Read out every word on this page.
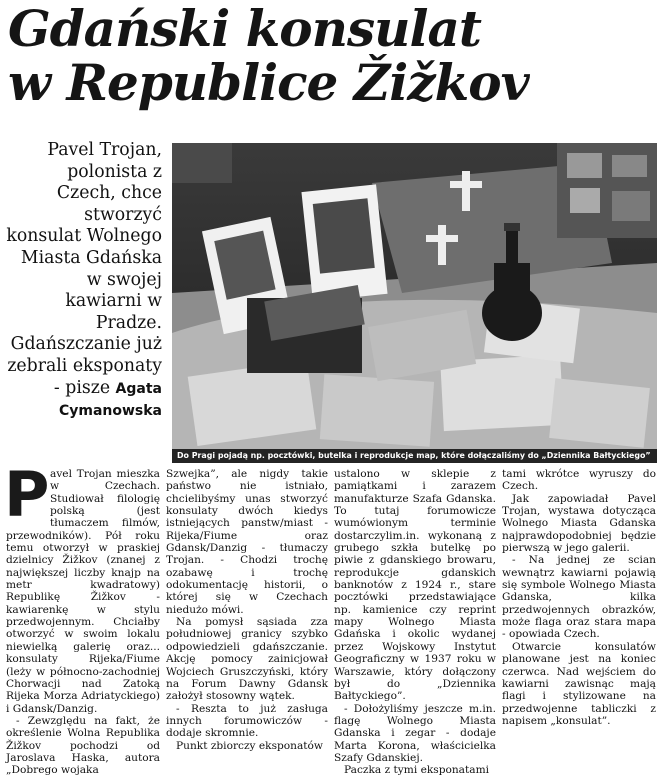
Gdański konsulat
w Republice Žižkov
Pavel Trojan, polonista z Czech, chce stworzyć konsulat Wolnego Miasta Gdańska w swojej kawiarni w Pradze. Gdańszczanie już zebrali eksponaty - pisze Agata Cymanowska
Do Pragi pojadą np. pocztówki, butelka i reprodukcje map, które dołączaliśmy do „Dziennika Bałtyckiego”
P avel Trojan mieszka w Czechach. Studiował filologię polską (jest tłumaczem filmów, przewodników). Pół roku temu otworzył w praskiej dzielnicy Žižkov (znanej z największej liczby knajp na metr kwadratowy) Republikę Žižkov - kawiarenkę w stylu przedwojennym. Chciałby otworzyć w swoim lokalu niewielką galerię oraz... konsulaty Rijeka/Fiume (leży w północno-zachodniej Chorwacji nad Zatoką Rijeka Morza Adriatyckiego) i Gdansk/Danzig.

- Zewzględu na fakt, że określenie Wolna Republika Žižkov pochodzi od Jaroslava Haska, autora „Dobrego wojaka

Szwejka”, ale nigdy takie państwo nie istniało, chcielibyśmy unas stworzyć konsulaty dwóch kiedys istniejących panstw/miast - Rijeka/Fiume oraz Gdansk/Danzig - tłumaczy Trojan. - Chodzi trochę ozabawę i trochę odokumentację historii, o której się w Czechach niedużo mówi.

Na pomysł sąsiada zza południowej granicy szybko odpowiedzieli gdańszczanie. Akcję pomocy zainicjował Wojciech Gruszczyński, który na Forum Dawny Gdansk założył stosowny wątek.

- Reszta to już zasługa innych forumowiczów - dodaje skromnie.

Punkt zbiorczy eksponatów

ustalono w sklepie z pamiątkami i zarazem manufakturze Szafa Gdanska. To tutaj forumowicze wumówionym terminie dostarczylim.in. wykonaną z grubego szkła butelkę po piwie z gdanskiego browaru, reprodukcje gdanskich banknotów z 1924 r., stare pocztówki przedstawiające np. kamienice czy reprint mapy Wolnego Miasta Gdańska i okolic wydanej przez Wojskowy Instytut Geograficzny w 1937 roku w Warszawie, który dołączony był do „Dziennika Bałtyckiego”.

- Dołożyliśmy jeszcze m.in. flagę Wolnego Miasta Gdanska i zegar - dodaje Marta Korona, właścicielka Szafy Gdanskiej.

Paczka z tymi eksponatami

tami wkrótce wyruszy do Czech.

Jak zapowiadał Pavel Trojan, wystawa dotycząca Wolnego Miasta Gdanska najprawdopodobniej będzie pierwszą w jego galerii.

- Na jednej ze scian wewnątrz kawiarni pojawią się symbole Wolnego Miasta Gdanska, kilka przedwojennych obrazków, może flaga oraz stara mapa - opowiada Czech.

Otwarcie konsulatów planowane jest na koniec czerwca. Nad wejściem do kawiarni zawisnąc mają flagi i stylizowane na przedwojenne tabliczki z napisem „konsulat”.
